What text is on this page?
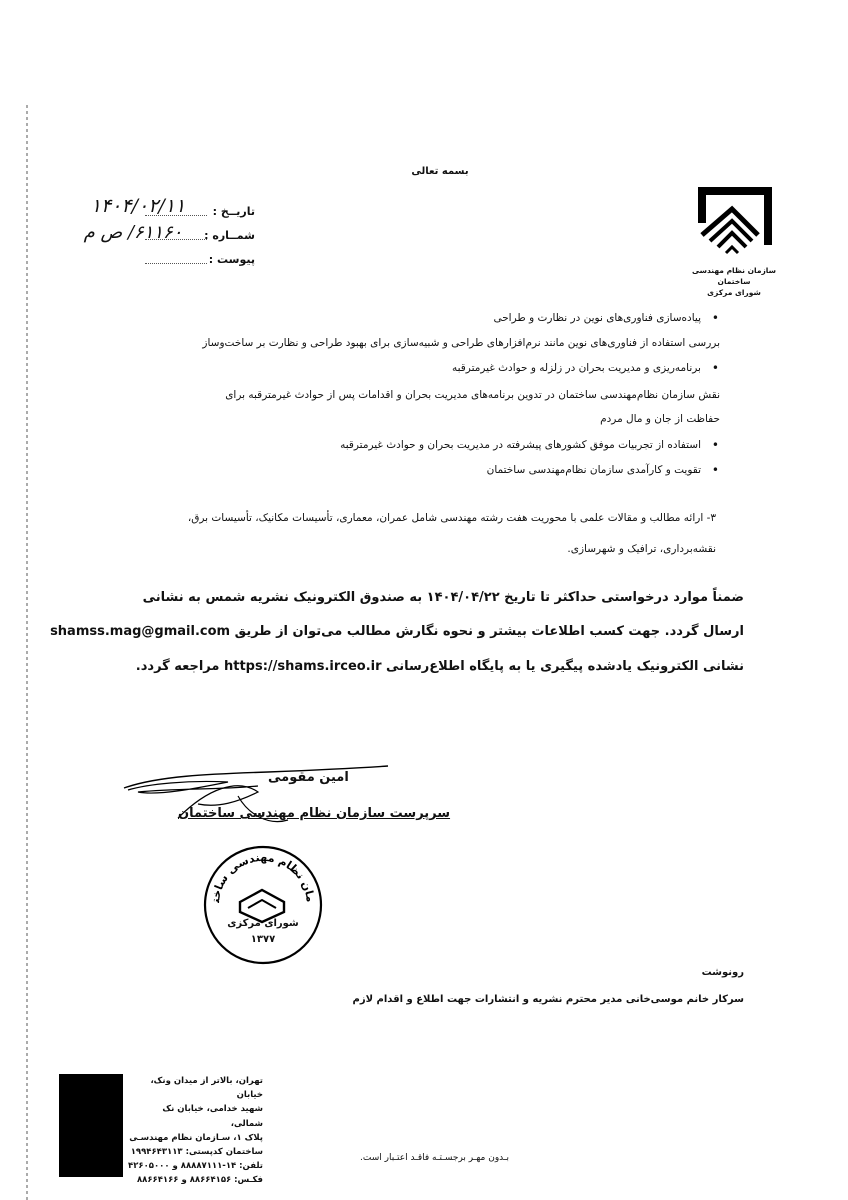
بسمه تعالی
سازمان نظام مهندسی ساختمان
شورای مرکزی
تاریــخ :
شمــاره :
پیوست :
۱۴۰۴/۰۲/۱۱
۶۱۱۶۰/ ص م
• پیاده‌سازی فناوری‌های نوین در نظارت و طراحی
بررسی استفاده از فناوری‌های نوین مانند نرم‌افزارهای طراحی و شبیه‌سازی برای بهبود طراحی و نظارت بر ساخت‌وساز
• برنامه‌ریزی و مدیریت بحران در زلزله و حوادث غیرمترقبه
نقش سازمان نظام‌مهندسی ساختمان در تدوین برنامه‌های مدیریت بحران و اقدامات پس از حوادث غیرمترقبه برای
حفاظت از جان و مال مردم
• استفاده از تجربیات موفق کشورهای پیشرفته در مدیریت بحران و حوادث غیرمترقبه
• تقویت و کارآمدی سازمان نظام‌مهندسی ساختمان
۳- ارائه مطالب و مقالات علمی با محوریت هفت رشته مهندسی شامل عمران، معماری، تأسیسات مکانیک، تأسیسات برق،
نقشه‌برداری، ترافیک و شهرسازی.
ضمناً موارد درخواستی حداکثر تا تاریخ ۱۴۰۴/۰۴/۲۲ به صندوق الکترونیک نشریه شمس به نشانی
shamss.mag@gmail.com ارسال گردد. جهت کسب اطلاعات بیشتر و نحوه نگارش مطالب می‌توان از طریق
نشانی الکترونیک یادشده پیگیری یا به پایگاه اطلاع‌رسانی https://shams.irceo.ir مراجعه گردد.
امین مقومی
سرپرست سازمان نظام مهندسی ساختمان
مان نظام مهندسی ساخت
شورای مرکزی
۱۳۷۷
رونوشت
سرکار خانم موسی‌خانی مدیر محترم نشریه و انتشارات جهت اطلاع و اقدام لازم
تهران، بالاتر از میدان ونک، خیابان
شهید خدامی، خیابان نک شمالی،
پلاک ۱، سـازمان نظام مهندسـی
ساختمان کدپستی: ۱۹۹۴۶۴۳۱۱۳
تلفن: ۱۴-۸۸۸۸۷۱۱۱ و ۴۲۶۰۵۰۰۰
فکـس: ۸۸۶۶۴۱۵۶ و ۸۸۶۶۴۱۶۶
بـدون مهـر برجسـتـه فاقـد اعتـبار است.
